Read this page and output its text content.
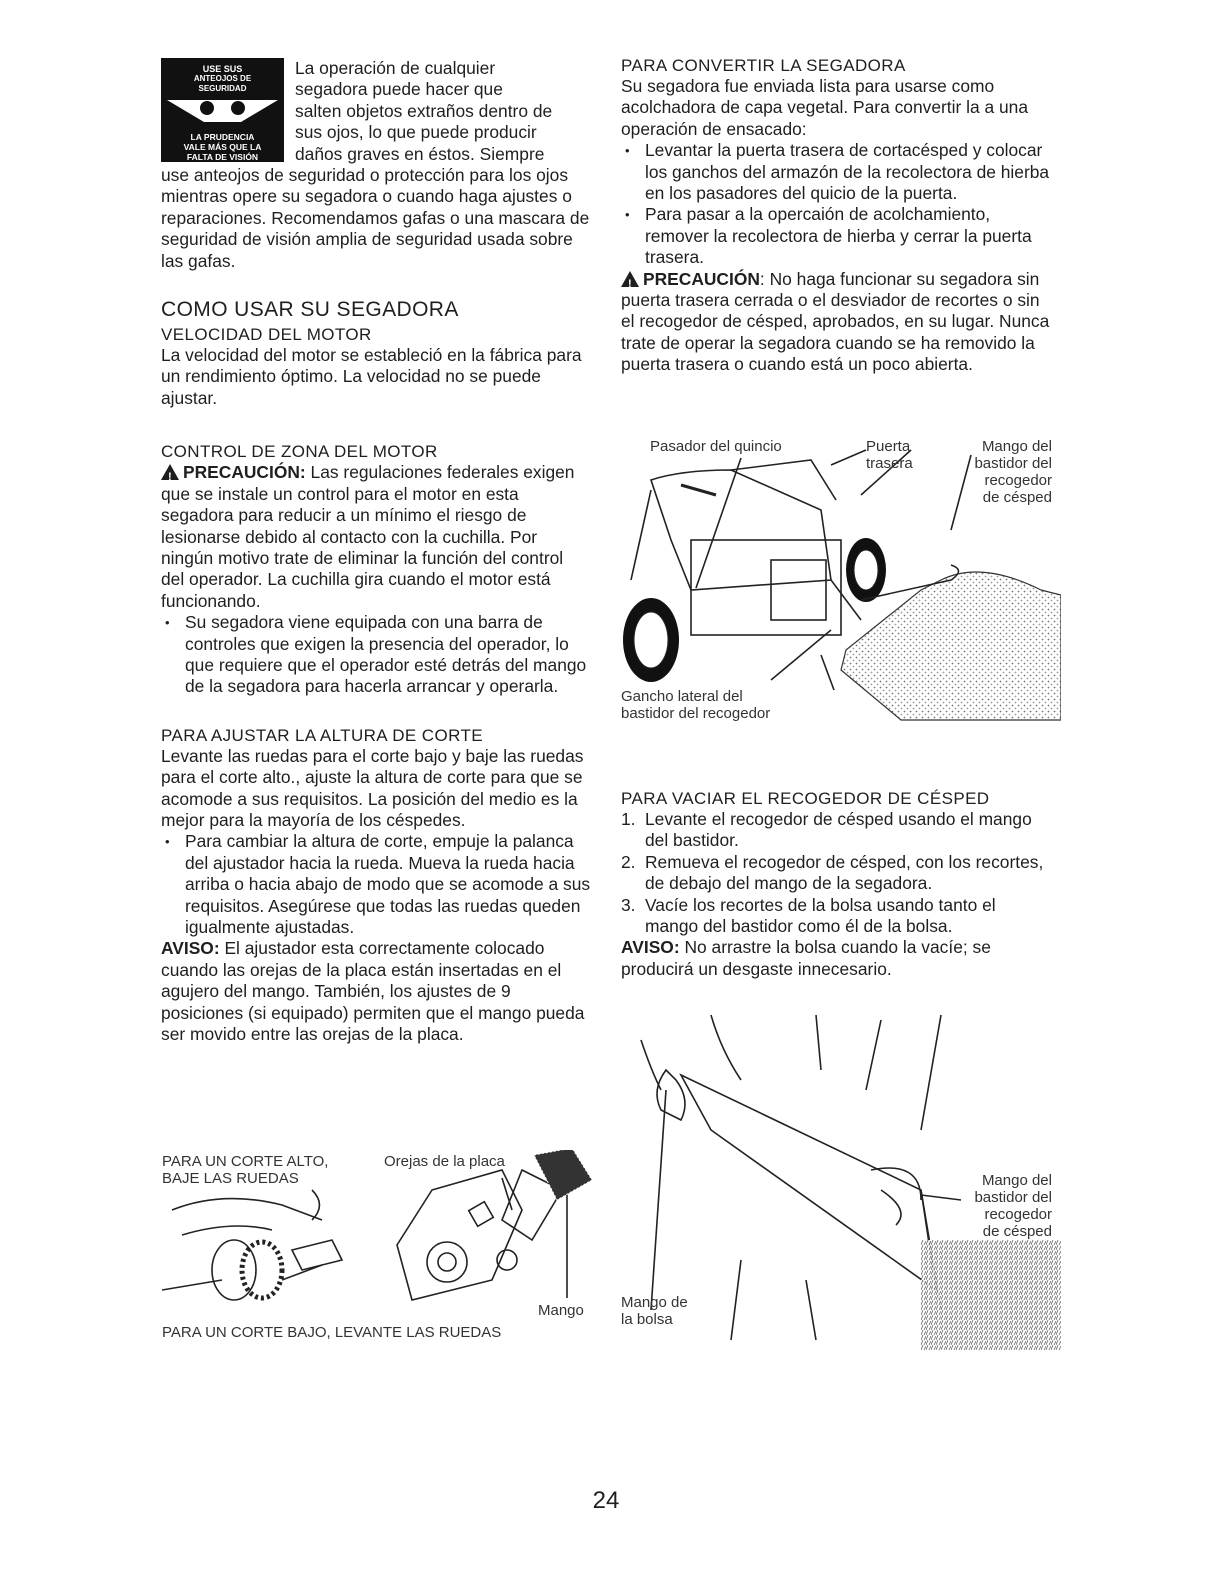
USE SUS
ANTEOJOS DE
SEGURIDAD
LA PRUDENCIA
VALE MÁS QUE LA
FALTA DE VISIÓN
La operación de cualquier
segadora puede hacer que
salten objetos extraños dentro de
sus ojos, lo que puede producir
daños graves en éstos. Siempre

use anteojos de seguridad o protección para los ojos mientras opere su segadora o cuando haga ajustes o reparaciones. Recomendamos gafas o una mascara de seguridad de visión amplia de seguridad usada sobre las gafas.

COMO USAR SU SEGADORA
VELOCIDAD DEL MOTOR

La velocidad del motor se estableció en la fábrica para un rendimiento óptimo. La velocidad no se puede ajustar.

CONTROL DE ZONA DEL MOTOR

!PRECAUCIÓN: Las regulaciones federales exigen que se instale un control para el motor en esta segadora para reducir a un mínimo el riesgo de lesionarse debido al contacto con la cuchilla. Por ningún motivo trate de eliminar la función del control del operador. La cuchilla gira cuando el motor está funcionando.

• Su segadora viene equipada con una barra de controles que exigen la presencia del operador, lo que requiere que el operador esté detrás del mango de la segadora para hacerla arrancar y operarla.
PARA AJUSTAR LA ALTURA DE CORTE

Levante las ruedas para el corte bajo y baje las ruedas para el corte alto., ajuste la altura de corte para que se acomode a sus requisitos. La posición del medio es la mejor para la mayoría de los céspedes.

• Para cambiar la altura de corte, empuje la palanca del ajustador hacia la rueda. Mueva la rueda hacia arriba o hacia abajo de modo que se acomode a sus requisitos. Asegúrese que todas las ruedas queden igualmente ajustadas.

AVISO: El ajustador esta correctamente colocado cuando las orejas de la placa están insertadas en el agujero del mango. También, los ajustes de 9 posiciones (si equipado) permiten que el mango pueda ser movido entre las orejas de la placa.

PARA UN CORTE ALTO,
BAJE LAS RUEDAS
Orejas de la placa
Mango
PARA UN CORTE BAJO, LEVANTE LAS RUEDAS
PARA CONVERTIR LA SEGADORA

Su segadora fue enviada lista para usarse como acolchadora de capa vegetal. Para convertir la a una operación de ensacado:

• Levantar la puerta trasera de cortacésped y colocar los ganchos del armazón de la recolectora de hierba en los pasadores del quicio de la puerta.
• Para pasar a la opercaión de acolchamiento, remover la recolectora de hierba y cerrar la puerta trasera.

!PRECAUCIÓN: No haga funcionar su segadora sin puerta trasera cerrada o el desviador de recortes o sin el recogedor de césped, aprobados, en su lugar. Nunca trate de operar la segadora cuando se ha removido la puerta trasera o cuando está un poco abierta.

Pasador del quincio	Puerta
trasera
Mango del
bastidor del
recogedor
de césped
Gancho lateral del
bastidor del recogedor
PARA VACIAR EL RECOGEDOR DE CÉSPED
1. Levante el recogedor de césped usando el mango del bastidor.
2. Remueva el recogedor de césped, con los recortes, de debajo del mango de la segadora.
3. Vacíe los recortes de la bolsa usando tanto el mango del bastidor como él de la bolsa.

AVISO: No arrastre la bolsa cuando la vacíe; se producirá un desgaste innecesario.

Mango del
bastidor del
recogedor
de césped
Mango de
la bolsa
24
